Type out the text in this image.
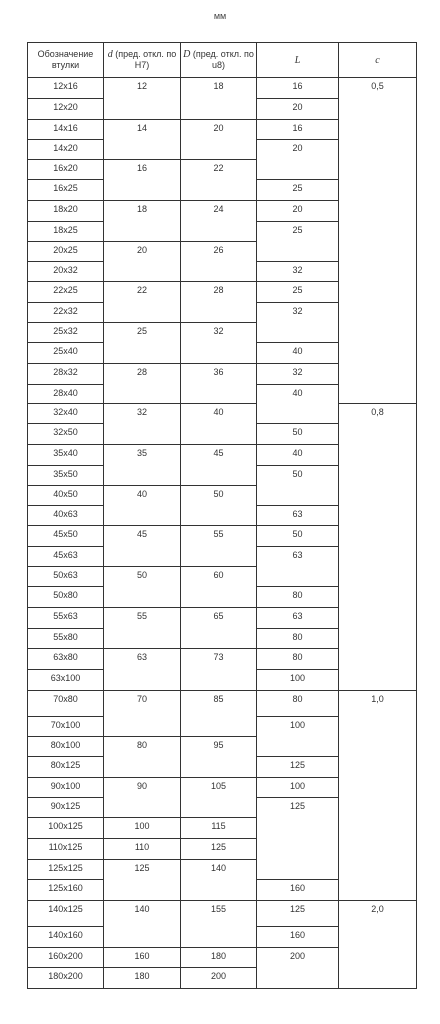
мм
Обозначение втулки	d (пред. откл. по H7)	D (пред. откл. по u8)	L	c
12x16	12	18	16	0,5
12x20			20	
14x16	14	20	16	
14x20			20	
16x20	16	22		
16x25			25	
18x20	18	24	20	
18x25			25	
20x25	20	26		
20x32			32	
22x25	22	28	25	
22x32			32	
25x32	25	32		
25x40			40	
28x32	28	36	32	
28x40			40	
32x40	32	40		0,8
32x50			50	
35x40	35	45	40	
35x50			50	
40x50	40	50		
40x63			63	
45x50	45	55	50	
45x63			63	
50x63	50	60		
50x80			80	
55x63	55	65	63	
55x80			80	
63x80	63	73	80	
63x100			100	
70x80	70	85	80	1,0
70x100			100	
80x100	80	95		
80x125			125	
90x100	90	105	100	
90x125			125	
100x125	100	115		
110x125	110	125		
125x125	125	140		
125x160			160	
140x125	140	155	125	2,0
140x160			160	
160x200	160	180	200	
180x200	180	200		
